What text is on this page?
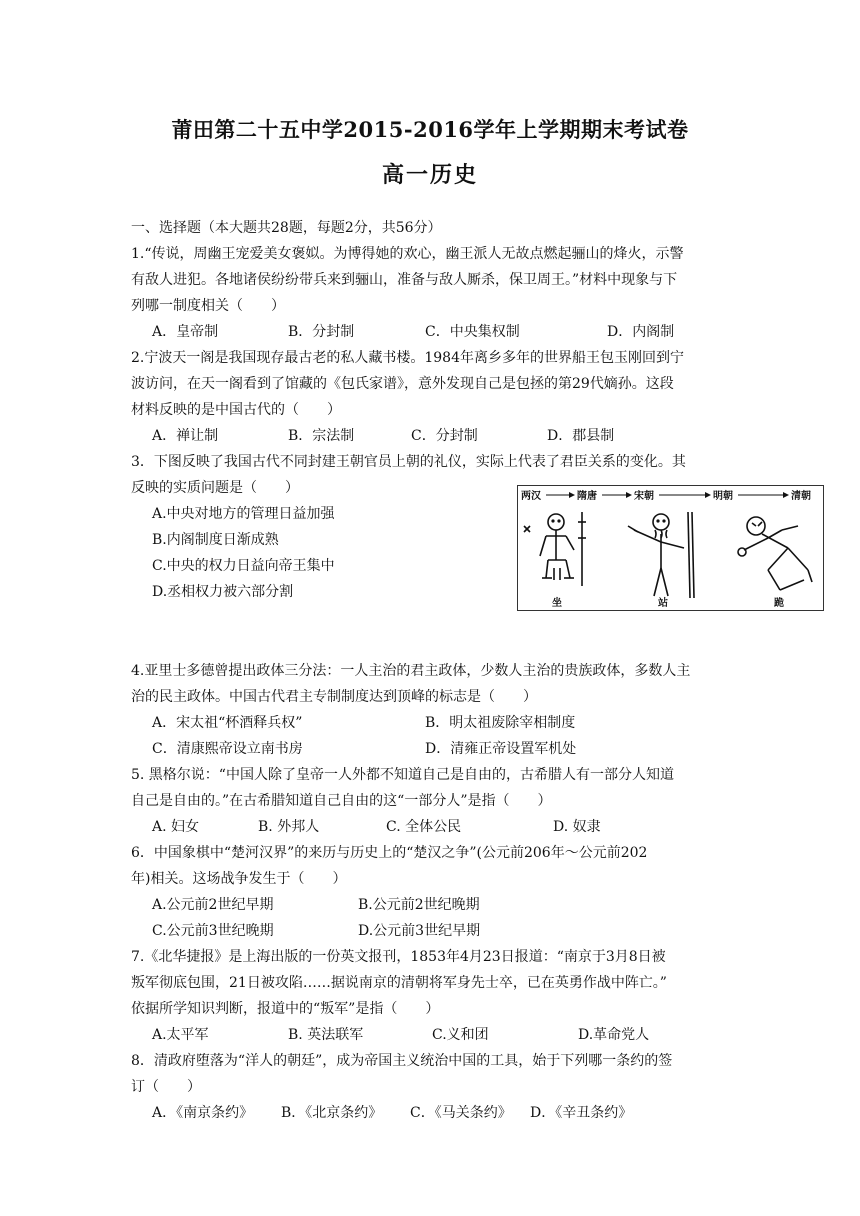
莆田第二十五中学2015-2016学年上学期期末考试卷
高一历史
一、选择题（本大题共28题，每题2分，共56分）
1.“传说，周幽王宠爱美女褒姒。为博得她的欢心，幽王派人无故点燃起骊山的烽火，示警
有敌人进犯。各地诸侯纷纷带兵来到骊山，准备与敌人厮杀，保卫周王。”材料中现象与下
列哪一制度相关（　　）
A．皇帝制	B．分封制	C．中央集权制	D．内阁制
2.宁波天一阁是我国现存最古老的私人藏书楼。1984年离乡多年的世界船王包玉刚回到宁
波访问，在天一阁看到了馆藏的《包氏家谱》，意外发现自己是包拯的第29代嫡孙。这段
材料反映的是中国古代的（　　）
A．禅让制	B．宗法制	C．分封制	D．郡县制
3．下图反映了我国古代不同封建王朝官员上朝的礼仪，实际上代表了君臣关系的变化。其
反映的实质问题是（　　）
A.中央对地方的管理日益加强
B.内阁制度日渐成熟
C.中央的权力日益向帝王集中
D.丞相权力被六部分割
两汉	隋唐	宋朝	明朝	清朝
坐	站	跪
4.亚里士多德曾提出政体三分法：一人主治的君主政体，少数人主治的贵族政体，多数人主
治的民主政体。中国古代君主专制制度达到顶峰的标志是（　　）
A．宋太祖“杯酒释兵权”	B．明太祖废除宰相制度
C．清康熙帝设立南书房	D．清雍正帝设置军机处
5. 黑格尔说：“中国人除了皇帝一人外都不知道自己是自由的，古希腊人有一部分人知道
自己是自由的。”在古希腊知道自己自由的这“一部分人”是指（　　）
A. 妇女	B. 外邦人	C. 全体公民	D. 奴隶
6．中国象棋中“楚河汉界”的来历与历史上的“楚汉之争”(公元前206年～公元前202
年)相关。这场战争发生于（　　）
A.公元前2世纪早期	B.公元前2世纪晚期
C.公元前3世纪晚期	D.公元前3世纪早期
7.《北华捷报》是上海出版的一份英文报刊，1853年4月23日报道：“南京于3月8日被
叛军彻底包围，21日被攻陷……据说南京的清朝将军身先士卒，已在英勇作战中阵亡。”
依据所学知识判断，报道中的“叛军”是指（　　）
A.太平军	B. 英法联军	C.义和团	D.革命党人
8．清政府堕落为“洋人的朝廷”，成为帝国主义统治中国的工具，始于下列哪一条约的签
订（　　）
A．《南京条约》 B．《北京条约》 C．《马关条约》 D．《辛丑条约》
